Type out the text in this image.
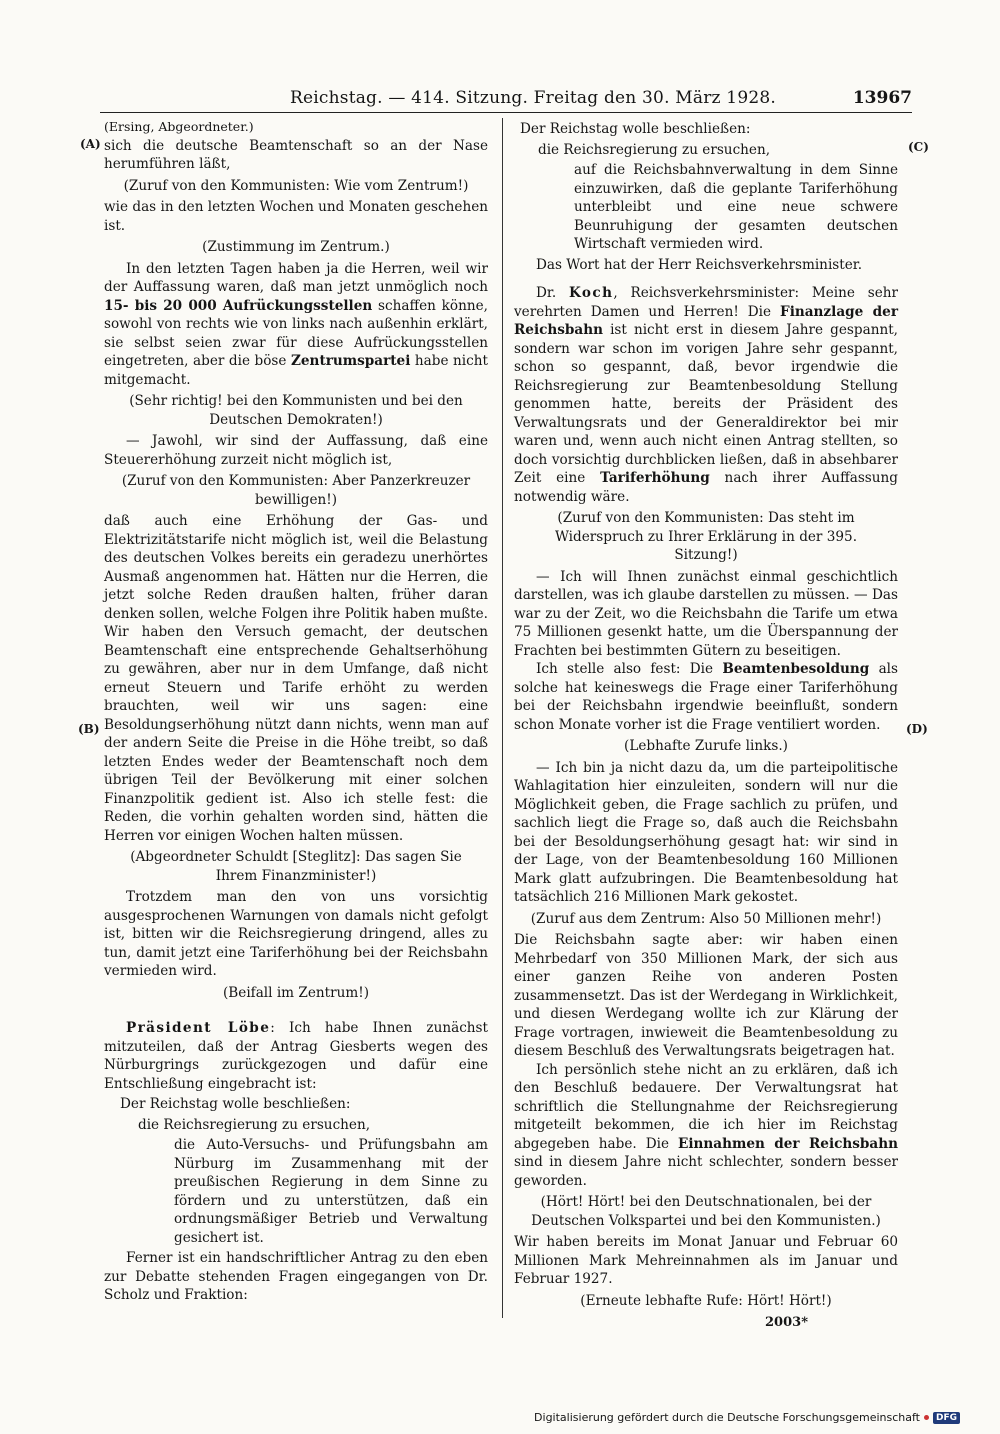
Reichstag. — 414. Sitzung. Freitag den 30. März 1928.	13967
(A)
(B)
(C)
(D)

(Ersing, Abgeordneter.)

sich die deutsche Beamtenschaft so an der Nase herumführen läßt,

(Zuruf von den Kommunisten: Wie vom Zentrum!)

wie das in den letzten Wochen und Monaten geschehen ist.

(Zustimmung im Zentrum.)

In den letzten Tagen haben ja die Herren, weil wir der Auffassung waren, daß man jetzt unmöglich noch 15- bis 20 000 Aufrückungsstellen schaffen könne, sowohl von rechts wie von links nach außenhin erklärt, sie selbst seien zwar für diese Aufrückungsstellen eingetreten, aber die böse Zentrumspartei habe nicht mitgemacht.

(Sehr richtig! bei den Kommunisten und bei den Deutschen Demokraten!)

— Jawohl, wir sind der Auffassung, daß eine Steuererhöhung zurzeit nicht möglich ist,

(Zuruf von den Kommunisten: Aber Panzerkreuzer bewilligen!)

daß auch eine Erhöhung der Gas- und Elektrizitätstarife nicht möglich ist, weil die Belastung des deutschen Volkes bereits ein geradezu unerhörtes Ausmaß angenommen hat. Hätten nur die Herren, die jetzt solche Reden draußen halten, früher daran denken sollen, welche Folgen ihre Politik haben mußte. Wir haben den Versuch gemacht, der deutschen Beamtenschaft eine entsprechende Gehaltserhöhung zu gewähren, aber nur in dem Umfange, daß nicht erneut Steuern und Tarife erhöht zu werden brauchten, weil wir uns sagen: eine Besoldungserhöhung nützt dann nichts, wenn man auf der andern Seite die Preise in die Höhe treibt, so daß letzten Endes weder der Beamtenschaft noch dem übrigen Teil der Bevölkerung mit einer solchen Finanzpolitik gedient ist. Also ich stelle fest: die Reden, die vorhin gehalten worden sind, hätten die Herren vor einigen Wochen halten müssen.

(Abgeordneter Schuldt [Steglitz]: Das sagen Sie Ihrem Finanzminister!)

Trotzdem man den von uns vorsichtig ausgesprochenen Warnungen von damals nicht gefolgt ist, bitten wir die Reichsregierung dringend, alles zu tun, damit jetzt eine Tariferhöhung bei der Reichsbahn vermieden wird.

(Beifall im Zentrum!)

Präsident Löbe: Ich habe Ihnen zunächst mitzuteilen, daß der Antrag Giesberts wegen des Nürburgrings zurückgezogen und dafür eine Entschließung eingebracht ist:

Der Reichstag wolle beschließen:

die Reichsregierung zu ersuchen,

die Auto-Versuchs- und Prüfungsbahn am Nürburg im Zusammenhang mit der preußischen Regierung in dem Sinne zu fördern und zu unterstützen, daß ein ordnungsmäßiger Betrieb und Verwaltung gesichert ist.

Ferner ist ein handschriftlicher Antrag zu den eben zur Debatte stehenden Fragen eingegangen von Dr. Scholz und Fraktion:

Der Reichstag wolle beschließen:

die Reichsregierung zu ersuchen,

auf die Reichsbahnverwaltung in dem Sinne einzuwirken, daß die geplante Tariferhöhung unterbleibt und eine neue schwere Beunruhigung der gesamten deutschen Wirtschaft vermieden wird.

Das Wort hat der Herr Reichsverkehrsminister.

Dr. Koch, Reichsverkehrsminister: Meine sehr verehrten Damen und Herren! Die Finanzlage der Reichsbahn ist nicht erst in diesem Jahre gespannt, sondern war schon im vorigen Jahre sehr gespannt, schon so gespannt, daß, bevor irgendwie die Reichsregierung zur Beamtenbesoldung Stellung genommen hatte, bereits der Präsident des Verwaltungsrats und der Generaldirektor bei mir waren und, wenn auch nicht einen Antrag stellten, so doch vorsichtig durchblicken ließen, daß in absehbarer Zeit eine Tariferhöhung nach ihrer Auffassung notwendig wäre.

(Zuruf von den Kommunisten: Das steht im Widerspruch zu Ihrer Erklärung in der 395. Sitzung!)

— Ich will Ihnen zunächst einmal geschichtlich darstellen, was ich glaube darstellen zu müssen. — Das war zu der Zeit, wo die Reichsbahn die Tarife um etwa 75 Millionen gesenkt hatte, um die Überspannung der Frachten bei bestimmten Gütern zu beseitigen.

Ich stelle also fest: Die Beamtenbesoldung als solche hat keineswegs die Frage einer Tariferhöhung bei der Reichsbahn irgendwie beeinflußt, sondern schon Monate vorher ist die Frage ventiliert worden.

(Lebhafte Zurufe links.)

— Ich bin ja nicht dazu da, um die parteipolitische Wahlagitation hier einzuleiten, sondern will nur die Möglichkeit geben, die Frage sachlich zu prüfen, und sachlich liegt die Frage so, daß auch die Reichsbahn bei der Besoldungserhöhung gesagt hat: wir sind in der Lage, von der Beamtenbesoldung 160 Millionen Mark glatt aufzubringen. Die Beamtenbesoldung hat tatsächlich 216 Millionen Mark gekostet.

(Zuruf aus dem Zentrum: Also 50 Millionen mehr!)

Die Reichsbahn sagte aber: wir haben einen Mehrbedarf von 350 Millionen Mark, der sich aus einer ganzen Reihe von anderen Posten zusammensetzt. Das ist der Werdegang in Wirklichkeit, und diesen Werdegang wollte ich zur Klärung der Frage vortragen, inwieweit die Beamtenbesoldung zu diesem Beschluß des Verwaltungsrats beigetragen hat.

Ich persönlich stehe nicht an zu erklären, daß ich den Beschluß bedauere. Der Verwaltungsrat hat schriftlich die Stellungnahme der Reichsregierung mitgeteilt bekommen, die ich hier im Reichstag abgegeben habe. Die Einnahmen der Reichsbahn sind in diesem Jahre nicht schlechter, sondern besser geworden.

(Hört! Hört! bei den Deutschnationalen, bei der Deutschen Volkspartei und bei den Kommunisten.)

Wir haben bereits im Monat Januar und Februar 60 Millionen Mark Mehreinnahmen als im Januar und Februar 1927.

(Erneute lebhafte Rufe: Hört! Hört!)

2003*

Digitalisierung gefördert durch die Deutsche Forschungsgemeinschaft	DFG
